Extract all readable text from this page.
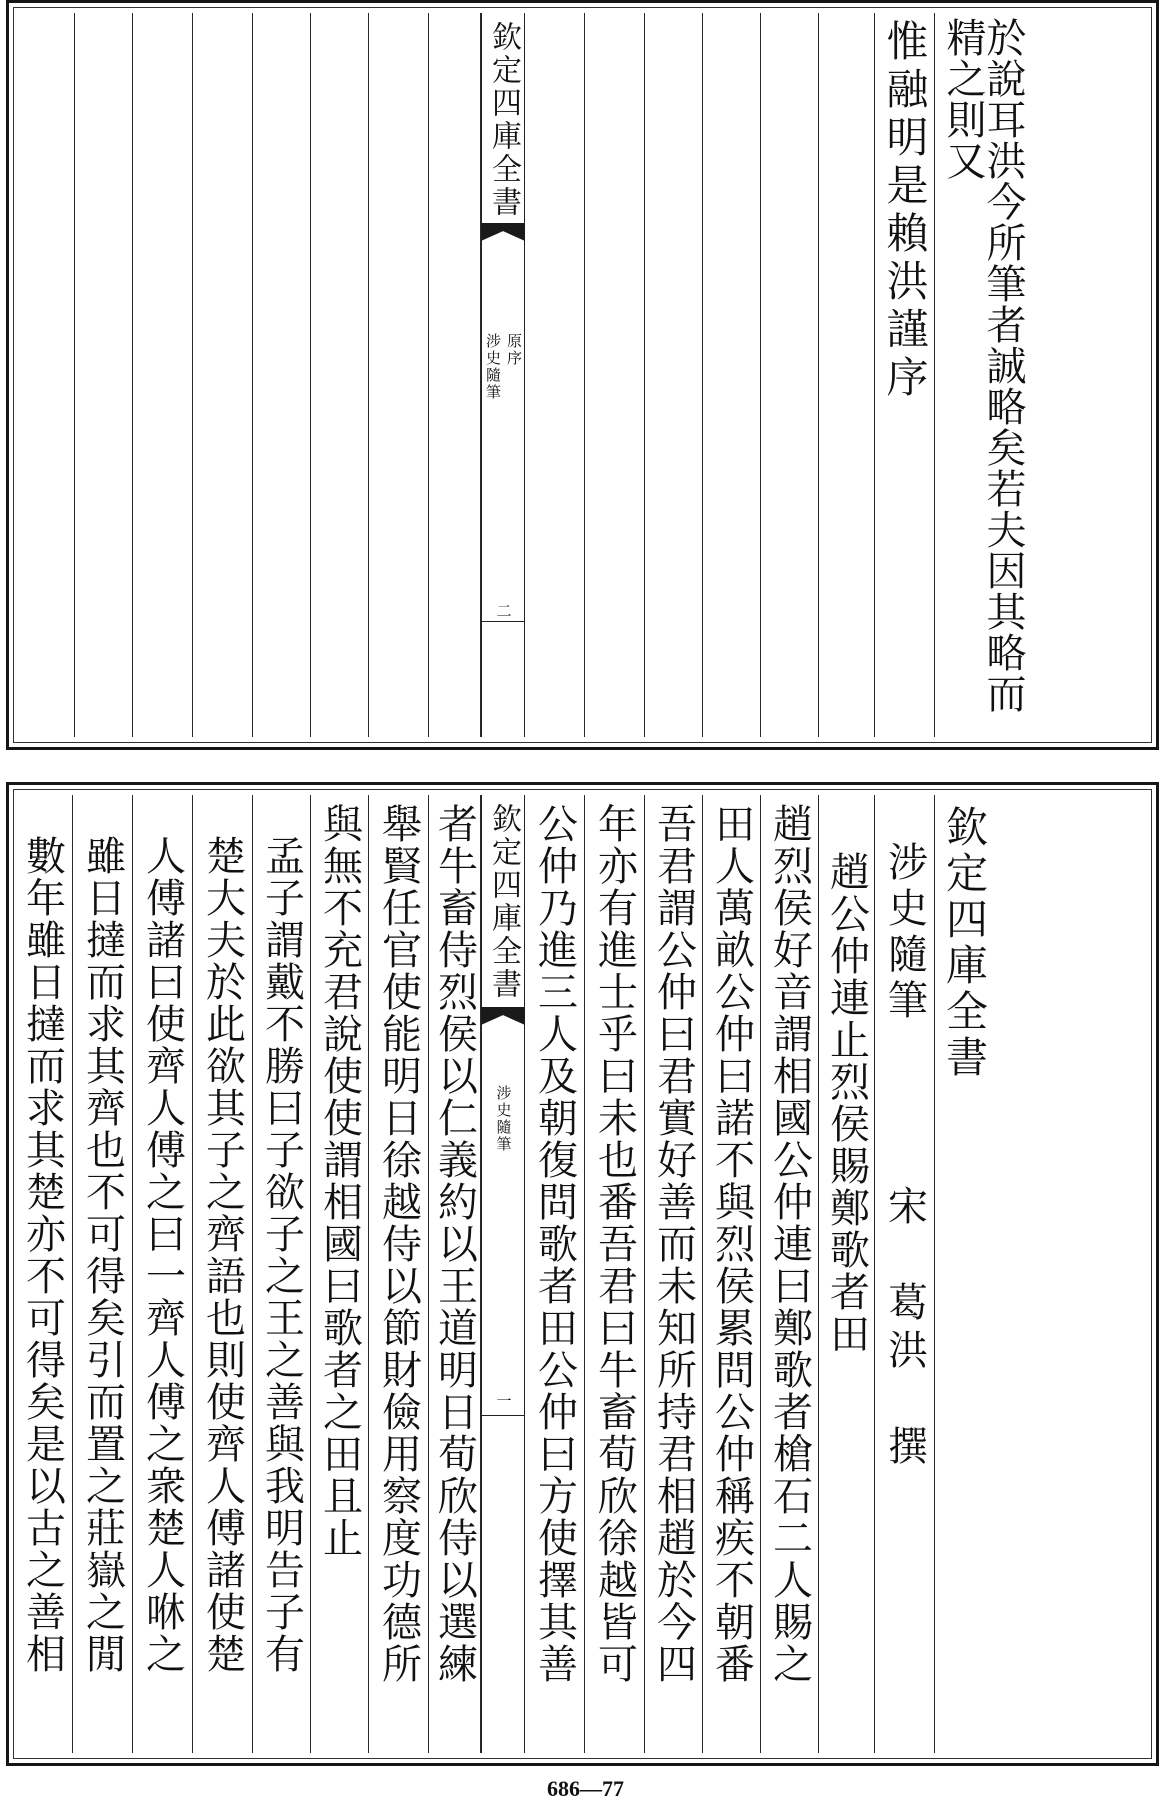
欽定四庫全書
涉史隨筆 原序
二
惟融明是賴洪謹序	於說耳洪今所筆者誠略矣若夫因其略而精之則又
數年雖日撻而求其楚亦不可得矣是以古之善相 雖日撻而求其齊也不可得矣引而置之莊嶽之閒 人傅諸曰使齊人傅之曰一齊人傅之衆楚人咻之 楚大夫於此欲其子之齊語也則使齊人傅諸使楚 孟子謂戴不勝曰子欲子之王之善與我明告子有 與無不充君說使使謂相國曰歌者之田且止 舉賢任官使能明日徐越侍以節財儉用察度功德所 者牛畜侍烈侯以仁義約以王道明日荀欣侍以選練 欽定四庫全書
涉史隨筆
一 公仲乃進三人及朝復問歌者田公仲曰方使擇其善 年亦有進士乎曰未也番吾君曰牛畜荀欣徐越皆可 吾君謂公仲曰君實好善而未知所持君相趙於今四 田人萬畝公仲曰諾不與烈侯累問公仲稱疾不朝番 趙烈侯好音謂相國公仲連曰鄭歌者槍石二人賜之 趙公仲連止烈侯賜鄭歌者田 涉史隨筆
宋　葛洪　撰
欽定四庫全書
686—77
